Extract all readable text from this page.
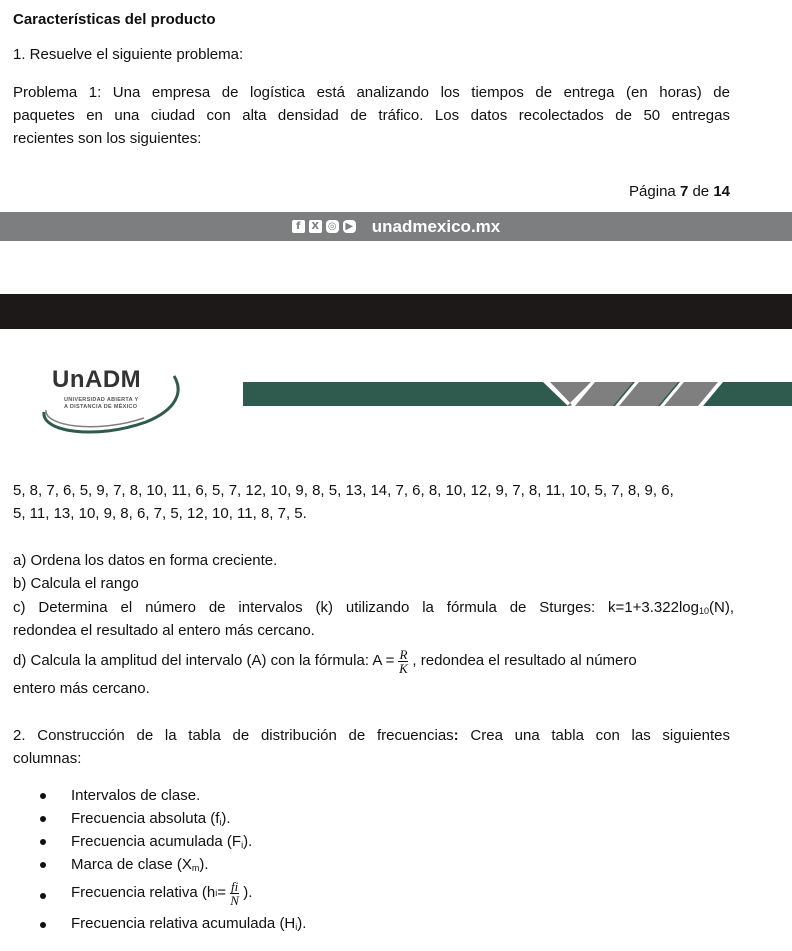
Características del producto
1. Resuelve el siguiente problema:
Problema 1: Una empresa de logística está analizando los tiempos de entrega (en horas) de
paquetes en una ciudad con alta densidad de tráfico. Los datos recolectados de 50 entregas
recientes son los siguientes:
Página 7 de 14
f	X ◎ ▶ unadmexico.mx
UnADM
UNIVERSIDAD ABIERTA Y
A DISTANCIA DE MÉXICO
5, 8, 7, 6, 5, 9, 7, 8, 10, 11, 6, 5, 7, 12, 10, 9, 8, 5, 13, 14, 7, 6, 8, 10, 12, 9, 7, 8, 11, 10, 5, 7, 8, 9, 6,
5, 11, 13, 10, 9, 8, 6, 7, 5, 12, 10, 11, 8, 7, 5.
a) Ordena los datos en forma creciente.
b) Calcula el rango
c) Determina el número de intervalos (k) utilizando la fórmula de Sturges: $k=1+3.322\log_{10}(N)$,
redondea el resultado al entero más cercano.
d) Calcula la amplitud del intervalo (A) con la fórmula: $A = \frac{R}{K}$ , redondea el resultado al número
entero más cercano.
2. Construcción de la tabla de distribución de frecuencias: Crea una tabla con las siguientes
columnas:
Intervalos de clase.
Frecuencia absoluta $(f_i)$.
Frecuencia acumulada $(F_i)$.
Marca de clase $(X_m)$.
Frecuencia relativa (h $i = \frac{fi}{N}$ ).
Frecuencia relativa acumulada $(H_i)$.
